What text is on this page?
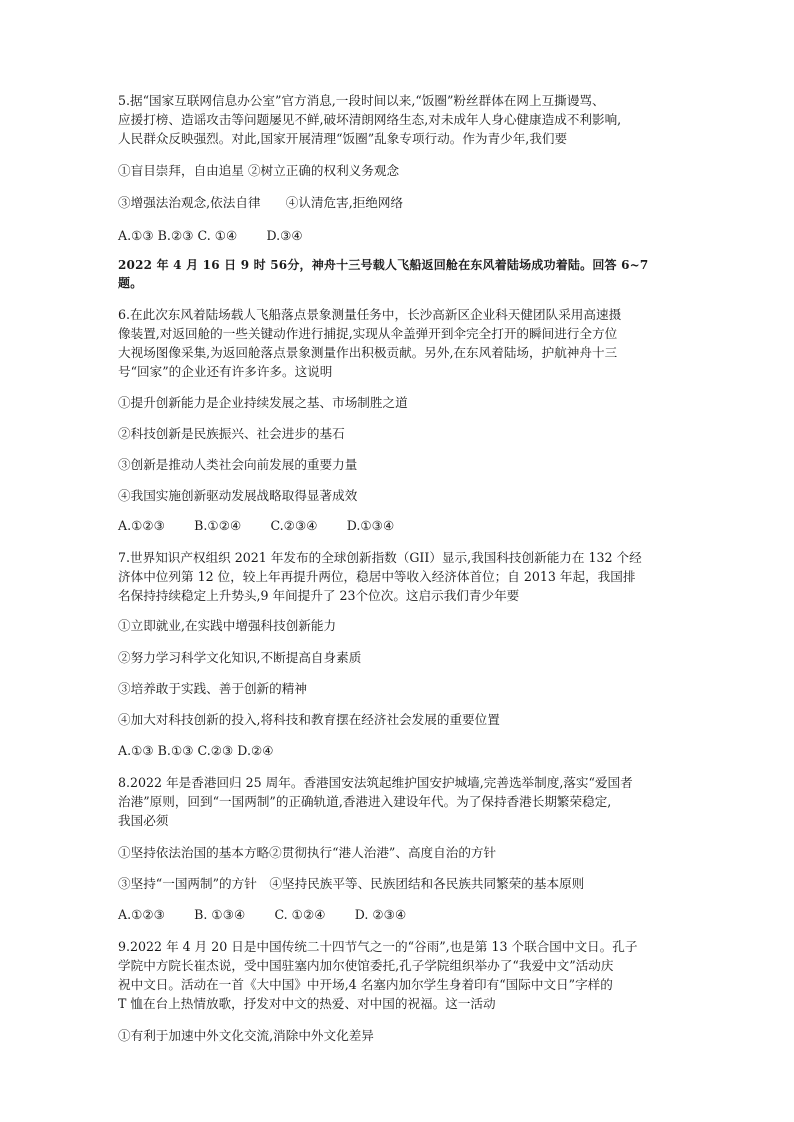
5.据“国家互联网信息办公室”官方消息,一段时间以来,“饭圈”粉丝群体在网上互撕谩骂、
应援打榜、造谣攻击等问题屡见不鲜,破坏清朗网络生态,对未成年人身心健康造成不利影响,
人民群众反映强烈。对此,国家开展清理“饭圈”乱象专项行动。作为青少年,我们要
①盲目崇拜，自由追星 ②树立正确的权利义务观念
③增强法治观念,依法自律　　④认清危害,拒绝网络
A.①③ B.②③ C. ①④　　 D.③④
2022 年 4 月 16 日 9 时 56分，神舟十三号载人飞船返回舱在东风着陆场成功着陆。回答 6~7
题。
6.在此次东风着陆场载人飞船落点景象测量任务中，长沙高新区企业科天健团队采用高速摄
像装置,对返回舱的一些关键动作进行捕捉,实现从伞盖弹开到伞完全打开的瞬间进行全方位
大视场图像采集,为返回舱落点景象测量作出积极贡献。另外,在东风着陆场，护航神舟十三
号“回家”的企业还有许多许多。这说明
①提升创新能力是企业持续发展之基、市场制胜之道
②科技创新是民族振兴、社会进步的基石
③创新是推动人类社会向前发展的重要力量
④我国实施创新驱动发展战略取得显著成效
A.①②③　　 B.①②④　　 C.②③④　　 D.①③④
7.世界知识产权组织 2021 年发布的全球创新指数（GII）显示,我国科技创新能力在 132 个经
济体中位列第 12 位，较上年再提升两位，稳居中等收入经济体首位；自 2013 年起，我国排
名保持持续稳定上升势头,9 年间提升了 23个位次。这启示我们青少年要
①立即就业,在实践中增强科技创新能力
②努力学习科学文化知识,不断提高自身素质
③培养敢于实践、善于创新的精神
④加大对科技创新的投入,将科技和教育摆在经济社会发展的重要位置
A.①③ B.①③ C.②③ D.②④
8.2022 年是香港回归 25 周年。香港国安法筑起维护国安护城墙,完善选举制度,落实“爱国者
治港”原则，回到“一国两制”的正确轨道,香港进入建设年代。为了保持香港长期繁荣稳定,
我国必须
①坚持依法治国的基本方略②贯彻执行“港人治港”、高度自治的方针
③坚持“一国两制”的方针　④坚持民族平等、民族团结和各民族共同繁荣的基本原则
A.①②③　　 B. ①③④　　 C. ①②④　　 D. ②③④
9.2022 年 4 月 20 日是中国传统二十四节气之一的“谷雨”,也是第 13 个联合国中文日。孔子
学院中方院长崔杰说，受中国驻塞内加尔使馆委托,孔子学院组织举办了“我爱中文”活动庆
祝中文日。活动在一首《大中国》中开场,4 名塞内加尔学生身着印有“国际中文日”字样的
T 恤在台上热情放歌，抒发对中文的热爱、对中国的祝福。这一活动
①有利于加速中外文化交流,消除中外文化差异
